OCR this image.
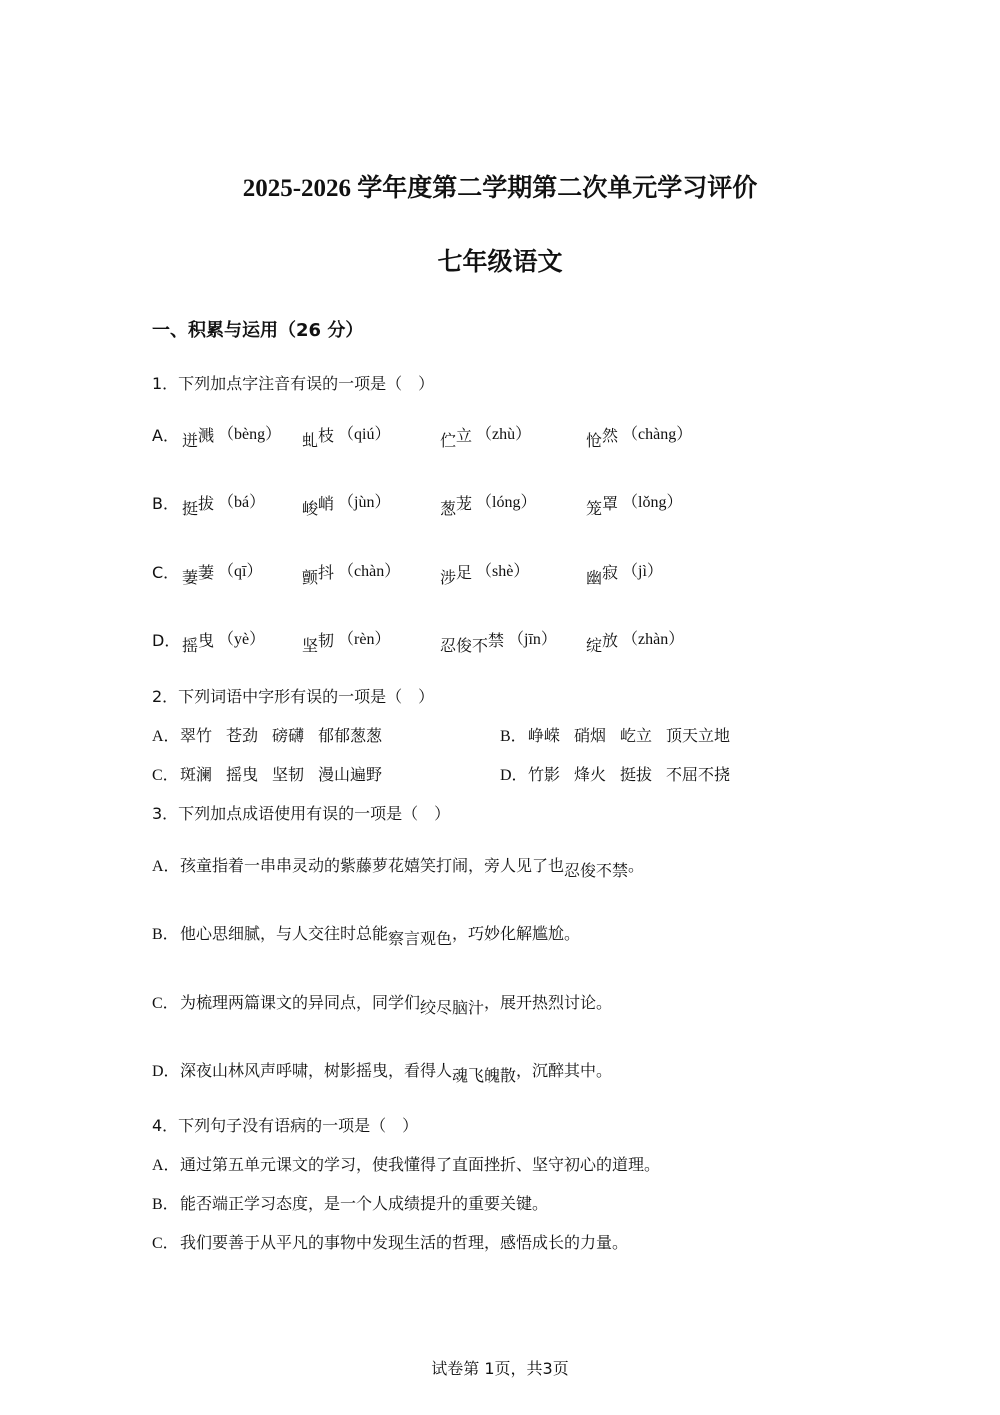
2025-2026 学年度第二学期第二次单元学习评价
七年级语文
一、积累与运用（26 分）
1．下列加点字注音有误的一项是（　）
A． 迸溅 （bèng） 虬枝 （qiú）	伫立 （zhù）	怆然 （chàng）
B． 挺拔 （bá） 峻峭 （jùn）	葱茏 （lóng）	笼罩 （lǒng）
C． 萋萋 （qī） 颤抖 （chàn） 涉足 （shè）	幽寂 （jì）
D． 摇曳 （yè） 坚韧 （rèn）	忍俊不禁 （jīn） 绽放 （zhàn）
2．下列词语中字形有误的一项是（　）
A．翠竹 苍劲 磅礴 郁郁葱葱	B．峥嵘 硝烟 屹立 顶天立地
C．斑澜 摇曳 坚韧 漫山遍野	D．竹影 烽火 挺拔 不屈不挠
3．下列加点成语使用有误的一项是（　）
A．孩童指着一串串灵动的紫藤萝花嬉笑打闹，旁人见了也忍俊不禁。
B．他心思细腻，与人交往时总能察言观色，巧妙化解尴尬。
C．为梳理两篇课文的异同点，同学们绞尽脑汁，展开热烈讨论。
D．深夜山林风声呼啸，树影摇曳，看得人魂飞魄散，沉醉其中。
4．下列句子没有语病的一项是（　）
A．通过第五单元课文的学习，使我懂得了直面挫折、坚守初心的道理。
B．能否端正学习态度，是一个人成绩提升的重要关键。
C．我们要善于从平凡的事物中发现生活的哲理，感悟成长的力量。
试卷第 1页，共3页
